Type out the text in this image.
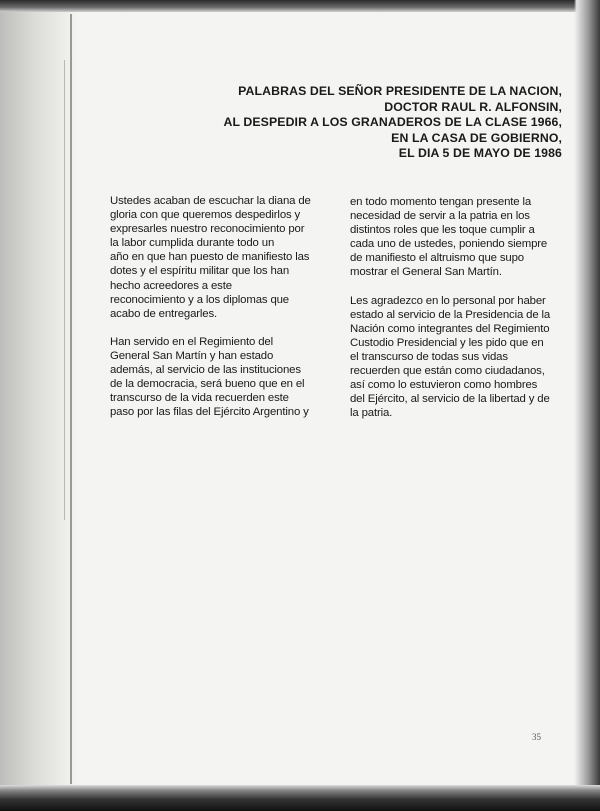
PALABRAS DEL SEÑOR PRESIDENTE DE LA NACION,
DOCTOR RAUL R. ALFONSIN,
AL DESPEDIR A LOS GRANADEROS DE LA CLASE 1966,
EN LA CASA DE GOBIERNO,
EL DIA 5 DE MAYO DE 1986

Ustedes acaban de escuchar la diana de
gloria con que queremos despedirlos y
expresarles nuestro reconocimiento por
la labor cumplida durante todo un
año en que han puesto de manifiesto las
dotes y el espíritu militar que los han
hecho acreedores a este
reconocimiento y a los diplomas que
acabo de entregarles.

Han servido en el Regimiento del
General San Martín y han estado
además, al servicio de las instituciones
de la democracia, será bueno que en el
transcurso de la vida recuerden este
paso por las filas del Ejército Argentino y

en todo momento tengan presente la
necesidad de servir a la patria en los
distintos roles que les toque cumplir a
cada uno de ustedes, poniendo siempre
de manifiesto el altruismo que supo
mostrar el General San Martín.

Les agradezco en lo personal por haber
estado al servicio de la Presidencia de la
Nación como integrantes del Regimiento
Custodio Presidencial y les pido que en
el transcurso de todas sus vidas
recuerden que están como ciudadanos,
así como lo estuvieron como hombres
del Ejército, al servicio de la libertad y de
la patria.

35
